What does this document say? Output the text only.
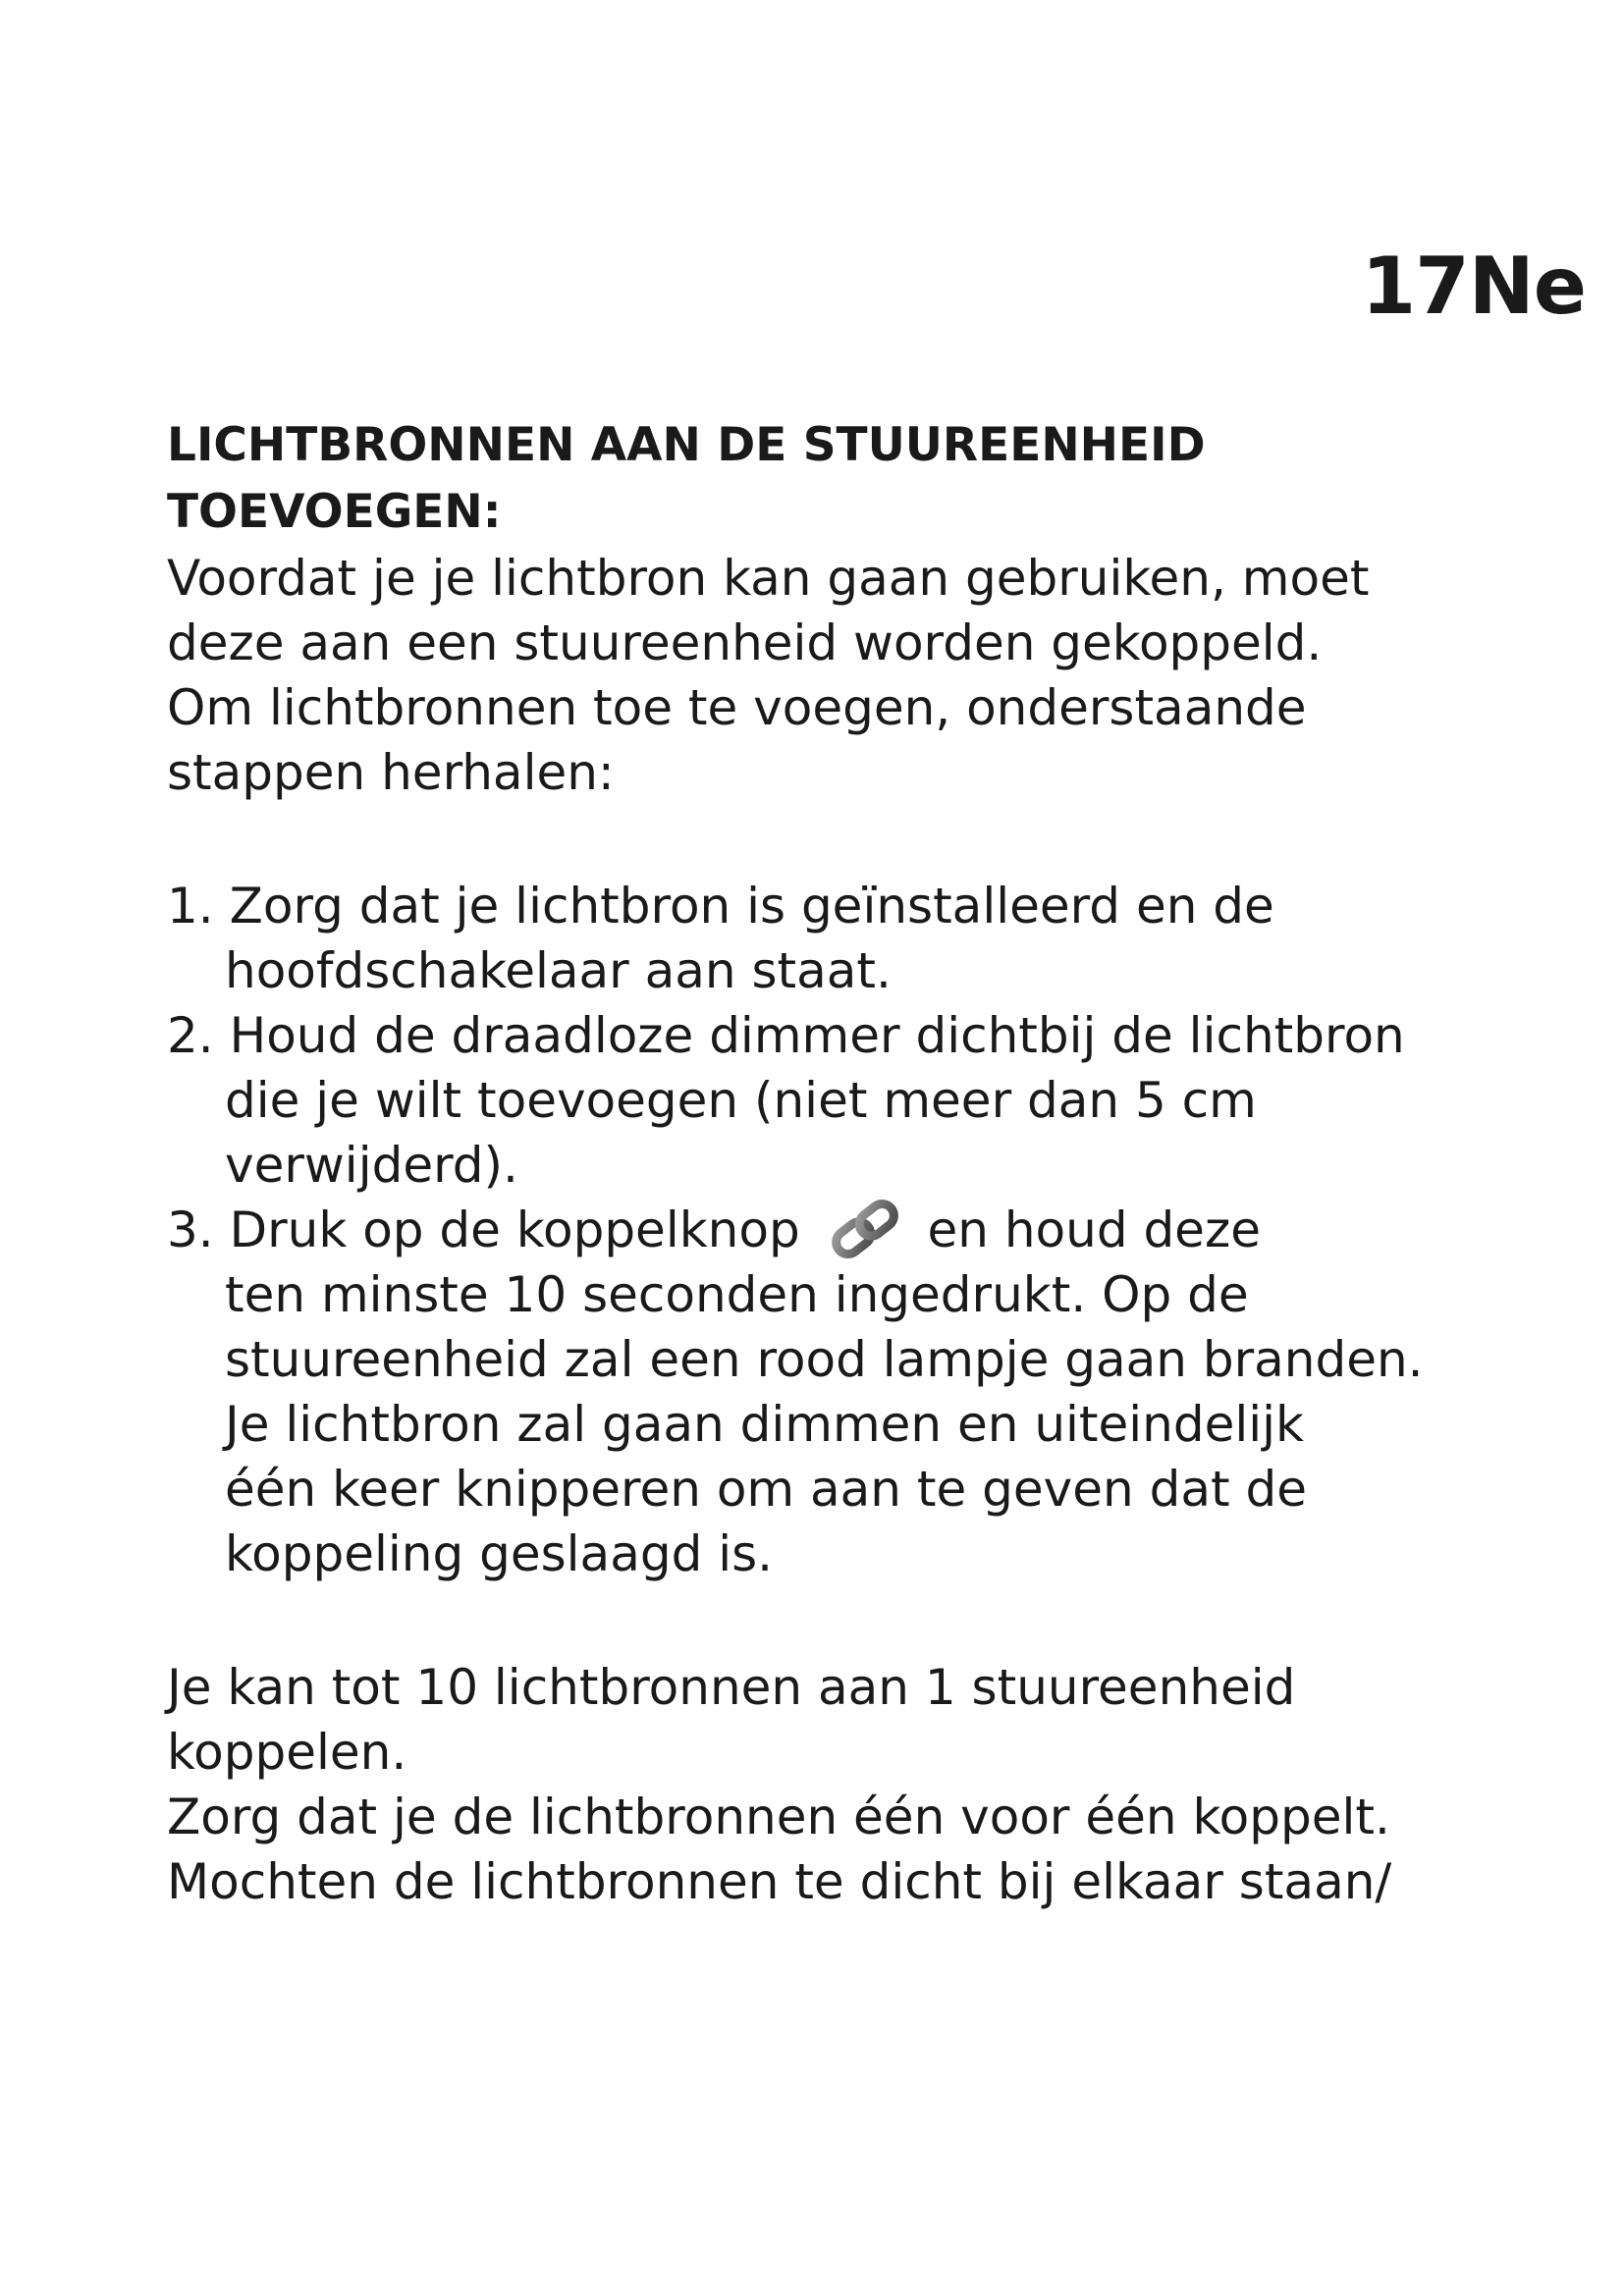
17Ne
LICHTBRONNEN AAN DE STUUREENHEID
TOEVOEGEN:

Voordat je je lichtbron kan gaan gebruiken, moet
deze aan een stuureenheid worden gekoppeld.
Om lichtbronnen toe te voegen, onderstaande
stappen herhalen:

1. Zorg dat je lichtbron is geïnstalleerd en de
hoofdschakelaar aan staat.
2. Houd de draadloze dimmer dichtbij de lichtbron
die je wilt toevoegen (niet meer dan 5 cm
verwijderd).
3. Druk op de koppelknop	en houd deze
ten minste 10 seconden ingedrukt. Op de
stuureenheid zal een rood lampje gaan branden.
Je lichtbron zal gaan dimmen en uiteindelijk
één keer knipperen om aan te geven dat de
koppeling geslaagd is.

Je kan tot 10 lichtbronnen aan 1 stuureenheid
koppelen.
Zorg dat je de lichtbronnen één voor één koppelt.
Mochten de lichtbronnen te dicht bij elkaar staan/
